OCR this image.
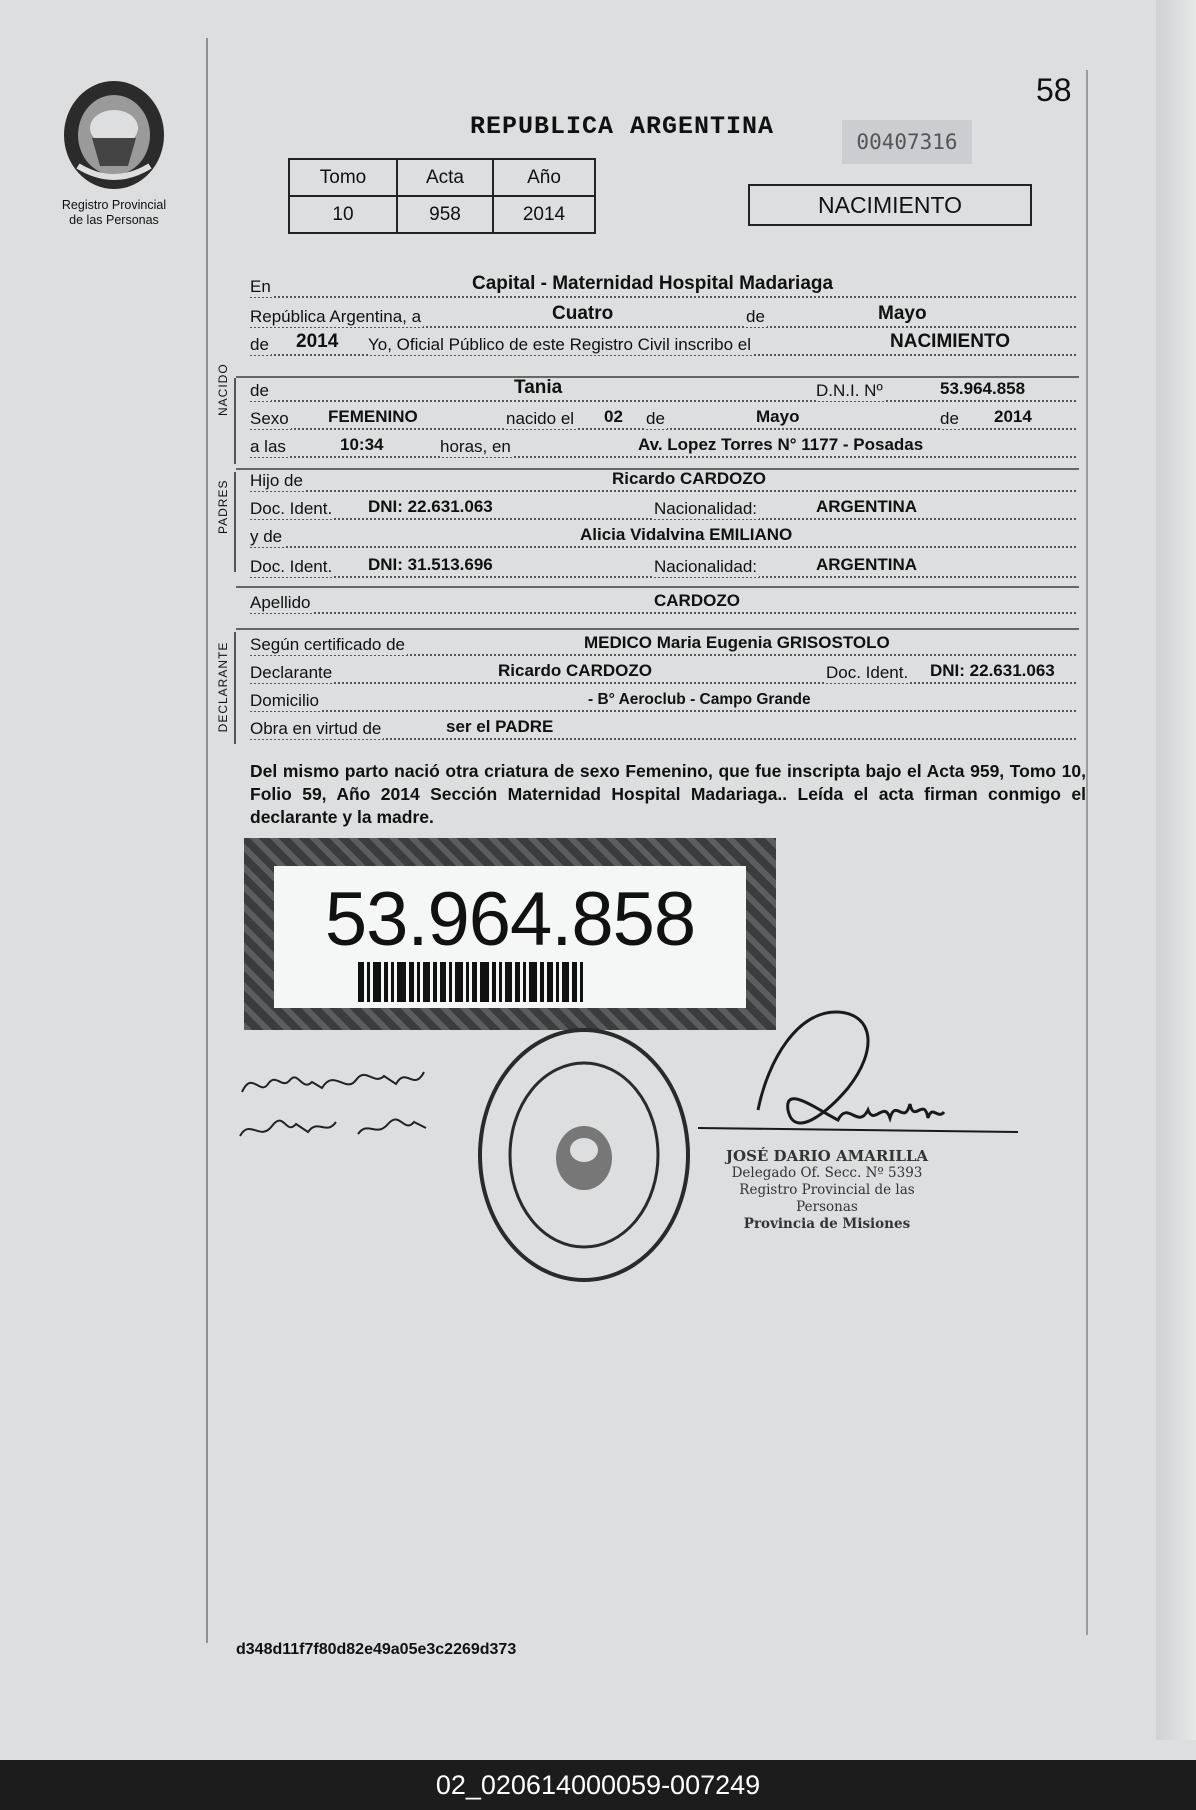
Registro Provincial
de las Personas
58
REPUBLICA ARGENTINA
00407316
Tomo	Acta	Año
10	958	2014	NACIMIENTO
En	Capital - Maternidad Hospital Madariaga
República Argentina, a	Cuatro	de	Mayo
de 2014 Yo, Oficial Público de este Registro Civil inscribo el	NACIMIENTO
NACIDO de	Tania	D.N.I. Nº	53.964.858
Sexo FEMENINO	nacido el 02 de	Mayo	de 2014
a las	10:34	horas, en	Av. Lopez Torres N° 1177 - Posadas
PADRES Hijo de	Ricardo CARDOZO
Doc. Ident. DNI: 22.631.063	Nacionalidad:	ARGENTINA
y de	Alicia Vidalvina EMILIANO
Doc. Ident. DNI: 31.513.696	Nacionalidad:	ARGENTINA
Apellido	CARDOZO
DECLARANTE Según certificado de	MEDICO Maria Eugenia GRISOSTOLO
Declarante	Ricardo CARDOZO	Doc. Ident. DNI: 22.631.063
Domicilio	- B° Aeroclub - Campo Grande
Obra en virtud de	ser el PADRE
Del mismo parto nació otra criatura de sexo Femenino, que fue inscripta bajo el Acta 959, Tomo 10, Folio 59, Año 2014 Sección Maternidad Hospital Madariaga.. Leída el acta firman conmigo el declarante y la madre.
53.964.858
JOSÉ DARIO AMARILLA
Delegado Of. Secc. Nº 5393
Registro Provincial de las Personas
Provincia de Misiones
d348d11f7f80d82e49a05e3c2269d373
02_020614000059-007249
